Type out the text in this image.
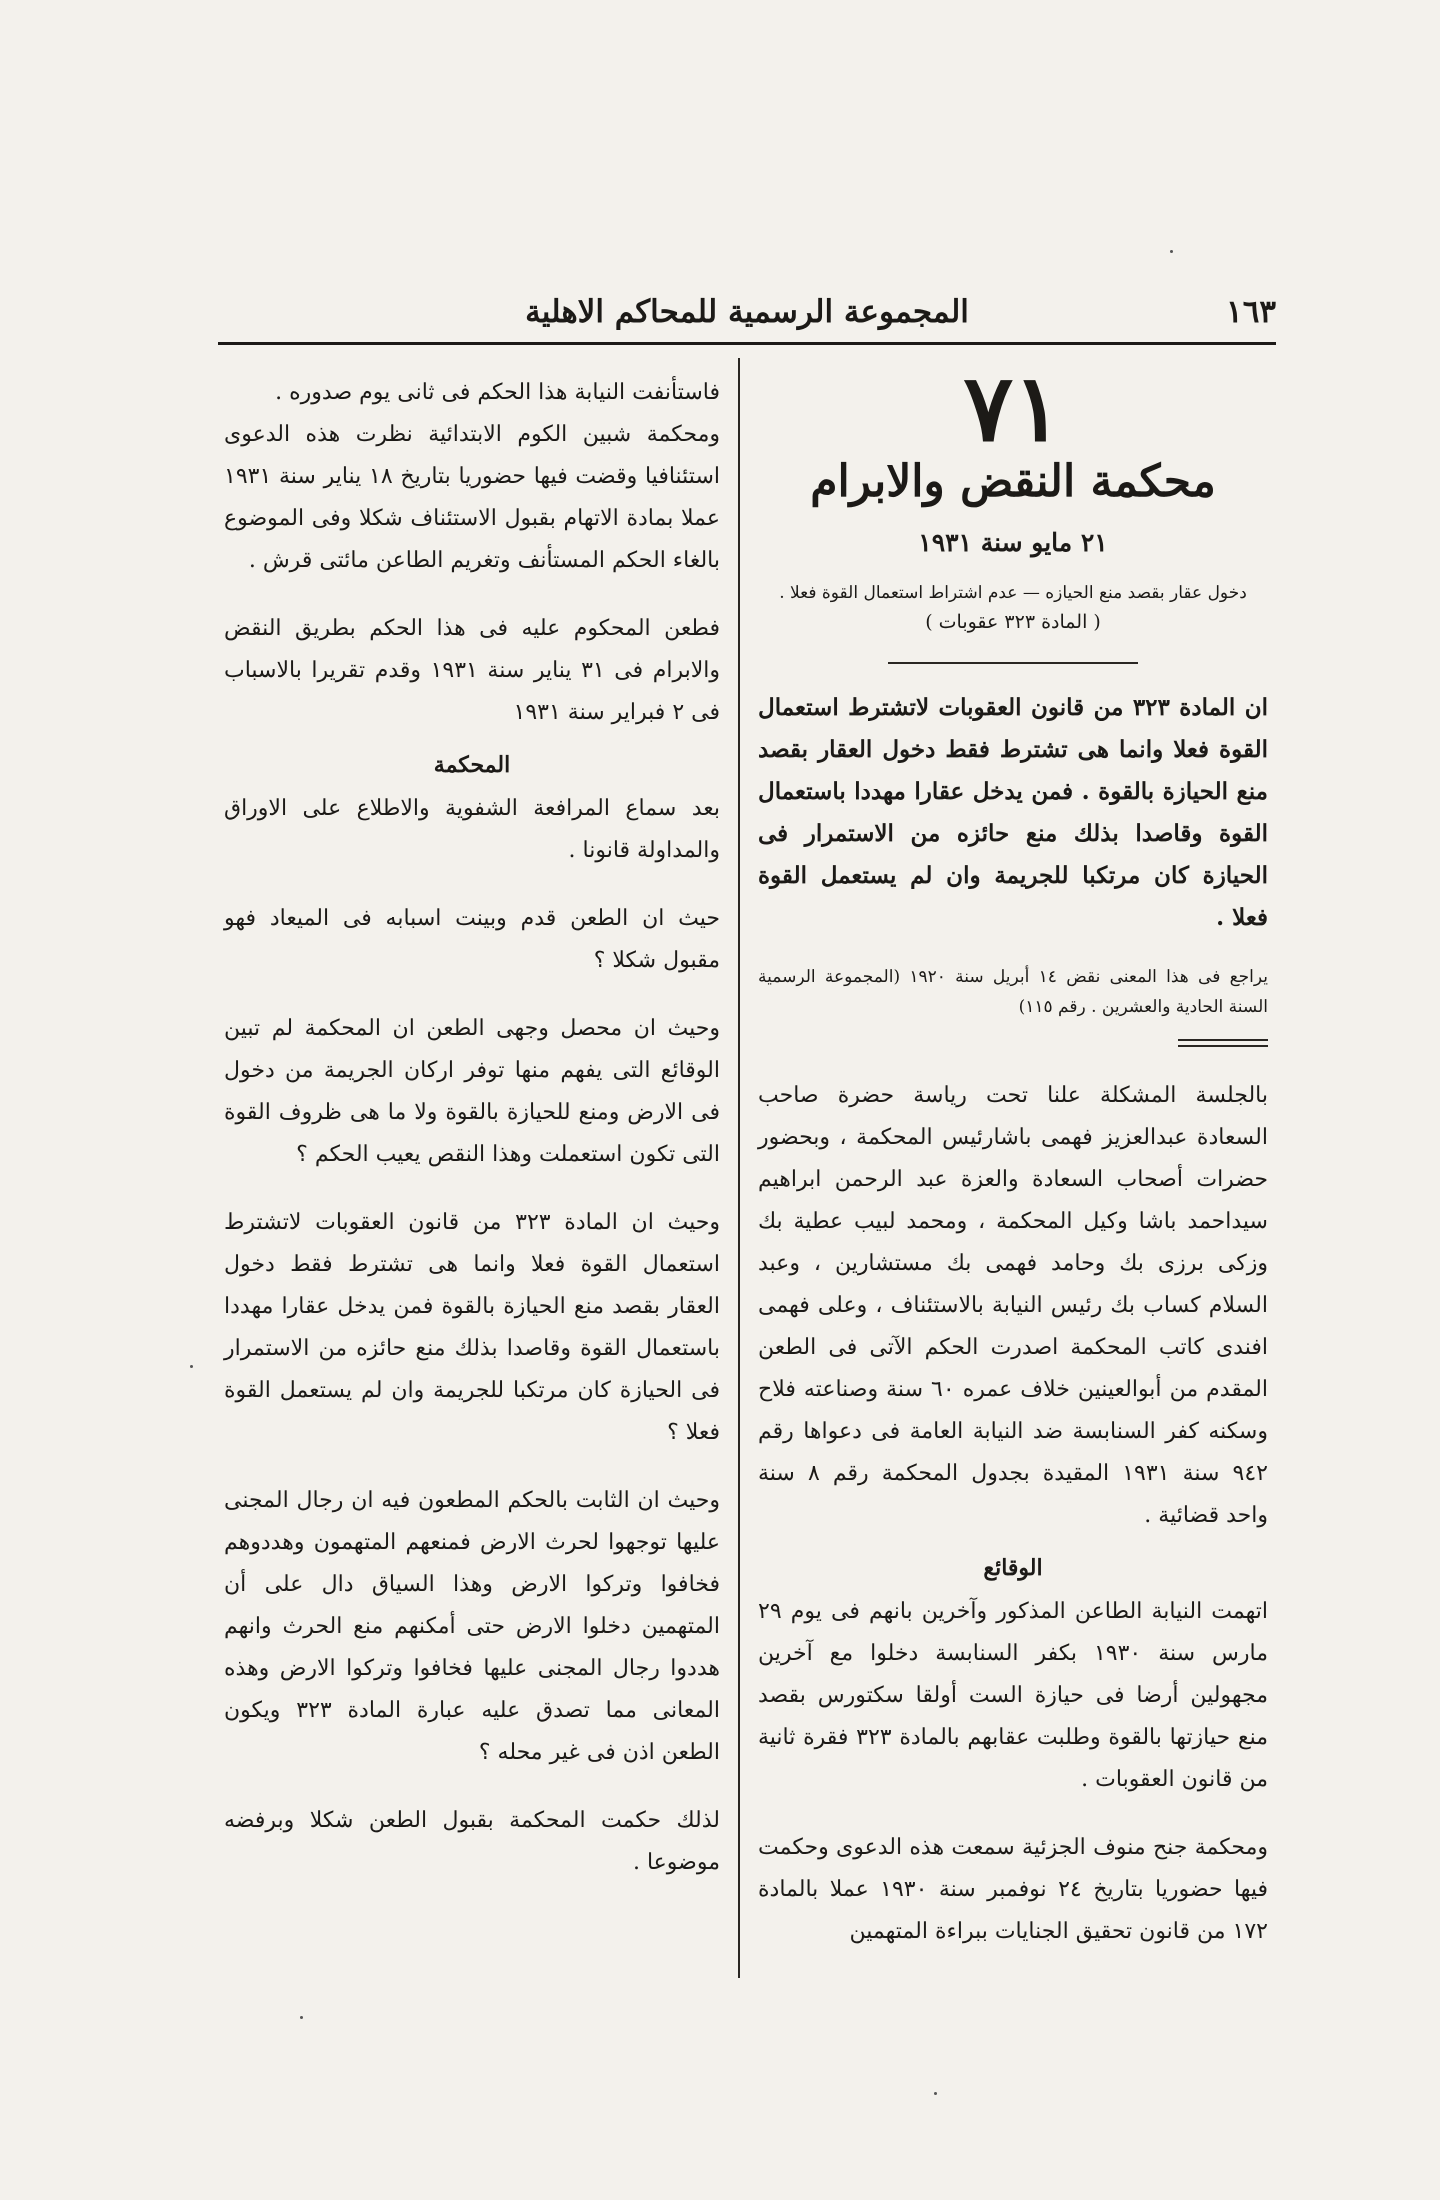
١٦٣
المجموعة الرسمية للمحاكم الاهلية
٧١
محكمة النقض والابرام
٢١ مايو سنة ١٩٣١
دخول عقار بقصد منع الحيازه — عدم اشتراط استعمال القوة فعلا .
( المادة ٣٢٣ عقوبات )

ان المادة ٣٢٣ من قانون العقوبات لاتشترط استعمال القوة فعلا وانما هى تشترط فقط دخول العقار بقصد منع الحيازة بالقوة . فمن يدخل عقارا مهددا باستعمال القوة وقاصدا بذلك منع حائزه من الاستمرار فى الحيازة كان مرتكبا للجريمة وان لم يستعمل القوة فعلا .

يراجع فى هذا المعنى نقض ١٤ أبريل سنة ١٩٢٠ (المجموعة الرسمية السنة الحادية والعشرين . رقم ١١٥)

بالجلسة المشكلة علنا تحت رياسة حضرة صاحب السعادة عبدالعزيز فهمى باشارئيس المحكمة ، وبحضور حضرات أصحاب السعادة والعزة عبد الرحمن ابراهيم سيداحمد باشا وكيل المحكمة ، ومحمد لبيب عطية بك وزكى برزى بك وحامد فهمى بك مستشارين ، وعبد السلام كساب بك رئيس النيابة بالاستئناف ، وعلى فهمى افندى كاتب المحكمة اصدرت الحكم الآتى فى الطعن المقدم من أبوالعينين خلاف عمره ٦٠ سنة وصناعته فلاح وسكنه كفر السنابسة ضد النيابة العامة فى دعواها رقم ٩٤٢ سنة ١٩٣١ المقيدة بجدول المحكمة رقم ٨ سنة واحد قضائية .

الوقائع

اتهمت النيابة الطاعن المذكور وآخرين بانهم فى يوم ٢٩ مارس سنة ١٩٣٠ بكفر السنابسة دخلوا مع آخرين مجهولين أرضا فى حيازة الست أولقا سكتورس بقصد منع حيازتها بالقوة وطلبت عقابهم بالمادة ٣٢٣ فقرة ثانية من قانون العقوبات .

ومحكمة جنح منوف الجزئية سمعت هذه الدعوى وحكمت فيها حضوريا بتاريخ ٢٤ نوفمبر سنة ١٩٣٠ عملا بالمادة ١٧٢ من قانون تحقيق الجنايات ببراءة المتهمين

فاستأنفت النيابة هذا الحكم فى ثانى يوم صدوره .

ومحكمة شبين الكوم الابتدائية نظرت هذه الدعوى استئنافيا وقضت فيها حضوريا بتاريخ ١٨ يناير سنة ١٩٣١ عملا بمادة الاتهام بقبول الاستئناف شكلا وفى الموضوع بالغاء الحكم المستأنف وتغريم الطاعن مائتى قرش .

فطعن المحكوم عليه فى هذا الحكم بطريق النقض والابرام فى ٣١ يناير سنة ١٩٣١ وقدم تقريرا بالاسباب فى ٢ فبراير سنة ١٩٣١

المحكمة

بعد سماع المرافعة الشفوية والاطلاع على الاوراق والمداولة قانونا .

حيث ان الطعن قدم وبينت اسبابه فى الميعاد فهو مقبول شكلا ؟

وحيث ان محصل وجهى الطعن ان المحكمة لم تبين الوقائع التى يفهم منها توفر اركان الجريمة من دخول فى الارض ومنع للحيازة بالقوة ولا ما هى ظروف القوة التى تكون استعملت وهذا النقص يعيب الحكم ؟

وحيث ان المادة ٣٢٣ من قانون العقوبات لاتشترط استعمال القوة فعلا وانما هى تشترط فقط دخول العقار بقصد منع الحيازة بالقوة فمن يدخل عقارا مهددا باستعمال القوة وقاصدا بذلك منع حائزه من الاستمرار فى الحيازة كان مرتكبا للجريمة وان لم يستعمل القوة فعلا ؟

وحيث ان الثابت بالحكم المطعون فيه ان رجال المجنى عليها توجهوا لحرث الارض فمنعهم المتهمون وهددوهم فخافوا وتركوا الارض وهذا السياق دال على أن المتهمين دخلوا الارض حتى أمكنهم منع الحرث وانهم هددوا رجال المجنى عليها فخافوا وتركوا الارض وهذه المعانى مما تصدق عليه عبارة المادة ٣٢٣ ويكون الطعن اذن فى غير محله ؟

لذلك حكمت المحكمة بقبول الطعن شكلا وبرفضه موضوعا .
